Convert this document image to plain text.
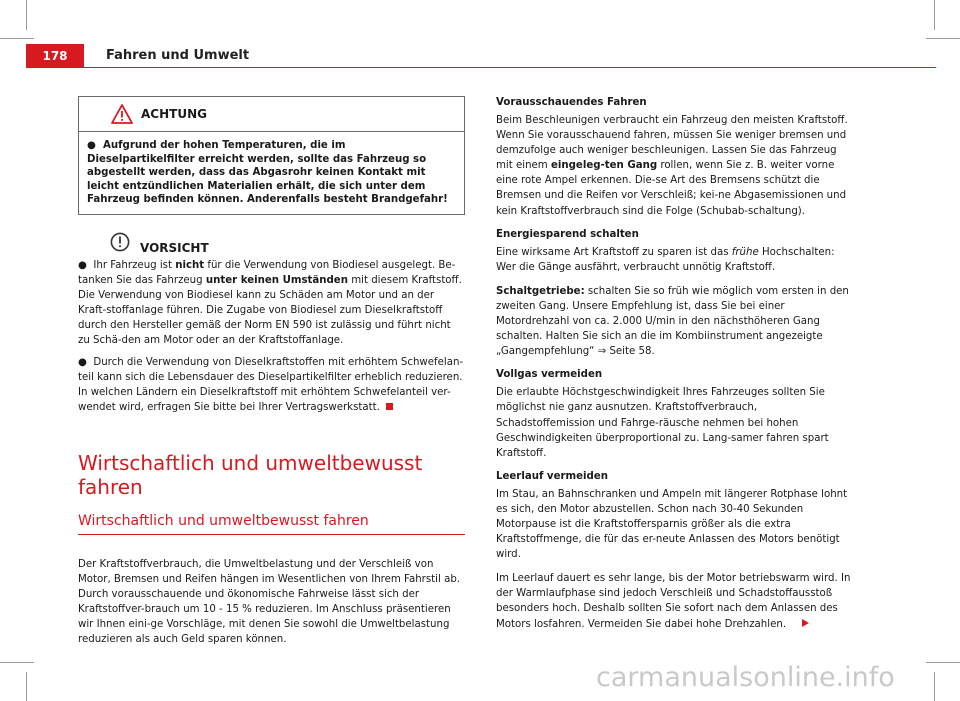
178	Fahren und Umwelt
ACHTUNG
●  Aufgrund der hohen Temperaturen, die im Dieselpartikelfilter erreicht werden, sollte das Fahrzeug so abgestellt werden, dass das Abgasrohr keinen Kontakt mit leicht entzündlichen Materialien erhält, die sich unter dem Fahrzeug befinden können. Anderenfalls besteht Brandgefahr!
VORSICHT

●  Ihr Fahrzeug ist nicht für die Verwendung von Biodiesel ausgelegt. Be-tanken Sie das Fahrzeug unter keinen Umständen mit diesem Kraftstoff. Die Verwendung von Biodiesel kann zu Schäden am Motor und an der Kraft-stoffanlage führen. Die Zugabe von Biodiesel zum Dieselkraftstoff durch den Hersteller gemäß der Norm EN 590 ist zulässig und führt nicht zu Schä-den am Motor oder an der Kraftstoffanlage.

●  Durch die Verwendung von Dieselkraftstoffen mit erhöhtem Schwefelan-teil kann sich die Lebensdauer des Dieselpartikelfilter erheblich reduzieren. In welchen Ländern ein Dieselkraftstoff mit erhöhtem Schwefelanteil ver-wendet wird, erfragen Sie bitte bei Ihrer Vertragswerkstatt.

Wirtschaftlich und umweltbewusst fahren
Wirtschaftlich und umweltbewusst fahren

Der Kraftstoffverbrauch, die Umweltbelastung und der Verschleiß von Motor, Bremsen und Reifen hängen im Wesentlichen von Ihrem Fahrstil ab. Durch vorausschauende und ökonomische Fahrweise lässt sich der Kraftstoffver-brauch um 10 - 15 % reduzieren. Im Anschluss präsentieren wir Ihnen eini-ge Vorschläge, mit denen Sie sowohl die Umweltbelastung reduzieren als auch Geld sparen können.

Vorausschauendes Fahren

Beim Beschleunigen verbraucht ein Fahrzeug den meisten Kraftstoff. Wenn Sie vorausschauend fahren, müssen Sie weniger bremsen und demzufolge auch weniger beschleunigen. Lassen Sie das Fahrzeug mit einem eingeleg-ten Gang rollen, wenn Sie z. B. weiter vorne eine rote Ampel erkennen. Die-se Art des Bremsens schützt die Bremsen und die Reifen vor Verschleiß; kei-ne Abgasemissionen und kein Kraftstoffverbrauch sind die Folge (Schubab-schaltung).

Energiesparend schalten

Eine wirksame Art Kraftstoff zu sparen ist das frühe Hochschalten: Wer die Gänge ausfährt, verbraucht unnötig Kraftstoff.

Schaltgetriebe: schalten Sie so früh wie möglich vom ersten in den zweiten Gang. Unsere Empfehlung ist, dass Sie bei einer Motordrehzahl von ca. 2.000 U/min in den nächsthöheren Gang schalten. Halten Sie sich an die im Kombiinstrument angezeigte „Gangempfehlung“ ⇒ Seite 58.

Vollgas vermeiden

Die erlaubte Höchstgeschwindigkeit Ihres Fahrzeuges sollten Sie möglichst nie ganz ausnutzen. Kraftstoffverbrauch, Schadstoffemission und Fahrge-räusche nehmen bei hohen Geschwindigkeiten überproportional zu. Lang-samer fahren spart Kraftstoff.

Leerlauf vermeiden

Im Stau, an Bahnschranken und Ampeln mit längerer Rotphase lohnt es sich, den Motor abzustellen. Schon nach 30-40 Sekunden Motorpause ist die Kraftstoffersparnis größer als die extra Kraftstoffmenge, die für das er-neute Anlassen des Motors benötigt wird.

Im Leerlauf dauert es sehr lange, bis der Motor betriebswarm wird. In der Warmlaufphase sind jedoch Verschleiß und Schadstoffausstoß besonders hoch. Deshalb sollten Sie sofort nach dem Anlassen des Motors losfahren. Vermeiden Sie dabei hohe Drehzahlen.

carmanualsonline.info
